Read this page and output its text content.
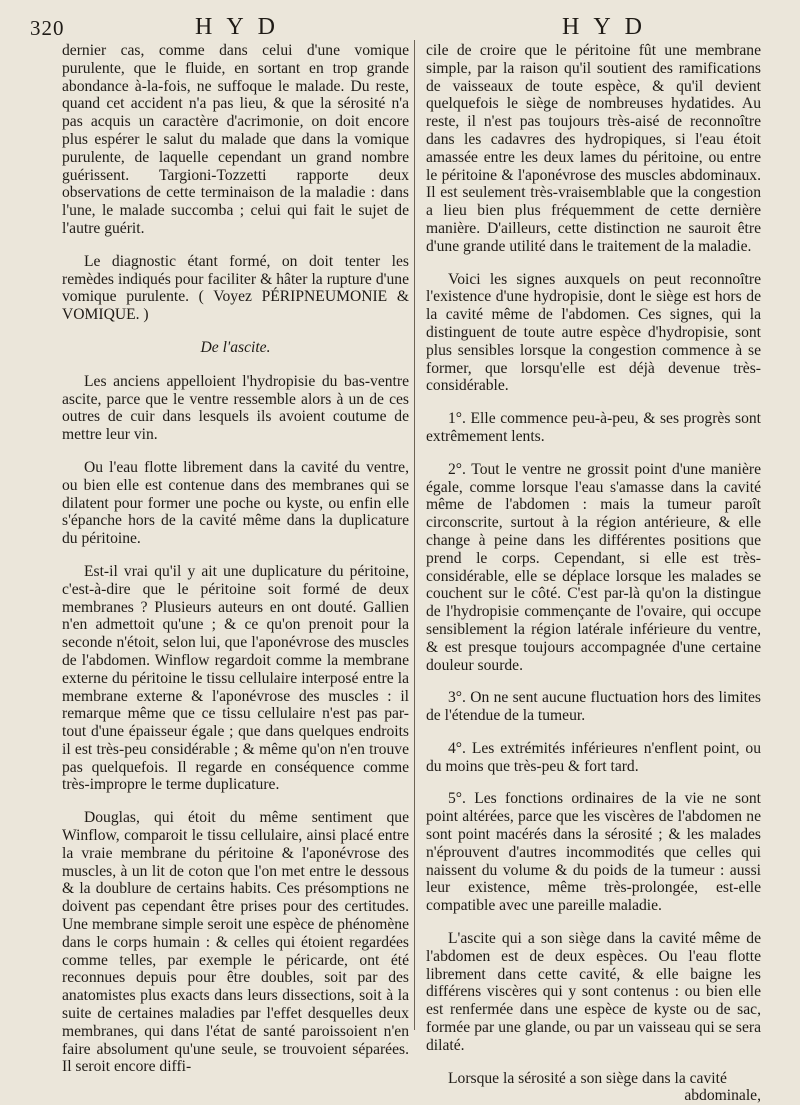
320	HYD	HYD

dernier cas, comme dans celui d'une vomique purulente, que le fluide, en sortant en trop grande abondance à-la-fois, ne suffoque le malade. Du reste, quand cet accident n'a pas lieu, & que la sérosité n'a pas acquis un caractère d'acrimonie, on doit encore plus espérer le salut du malade que dans la vomique purulente, de laquelle cependant un grand nombre guérissent. Targioni-Tozzetti rapporte deux observations de cette terminaison de la maladie : dans l'une, le malade succomba ; celui qui fait le sujet de l'autre guérit.

Le diagnostic étant formé, on doit tenter les remèdes indiqués pour faciliter & hâter la rupture d'une vomique purulente. ( Voyez PÉRIPNEUMONIE & VOMIQUE. )

De l'ascite.

Les anciens appelloient l'hydropisie du bas-ventre ascite, parce que le ventre ressemble alors à un de ces outres de cuir dans lesquels ils avoient coutume de mettre leur vin.

Ou l'eau flotte librement dans la cavité du ventre, ou bien elle est contenue dans des membranes qui se dilatent pour former une poche ou kyste, ou enfin elle s'épanche hors de la cavité même dans la duplicature du péritoine.

Est-il vrai qu'il y ait une duplicature du péritoine, c'est-à-dire que le péritoine soit formé de deux membranes ? Plusieurs auteurs en ont douté. Gallien n'en admettoit qu'une ; & ce qu'on prenoit pour la seconde n'étoit, selon lui, que l'aponévrose des muscles de l'abdomen. Winflow regardoit comme la membrane externe du péritoine le tissu cellulaire interposé entre la membrane externe & l'aponévrose des muscles : il remarque même que ce tissu cellulaire n'est pas par-tout d'une épaisseur égale ; que dans quelques endroits il est très-peu considérable ; & même qu'on n'en trouve pas quelquefois. Il regarde en conséquence comme très-impropre le terme duplicature.

Douglas, qui étoit du même sentiment que Winflow, comparoit le tissu cellulaire, ainsi placé entre la vraie membrane du péritoine & l'aponévrose des muscles, à un lit de coton que l'on met entre le dessous & la doublure de certains habits. Ces présomptions ne doivent pas cependant être prises pour des certitudes. Une membrane simple seroit une espèce de phénomène dans le corps humain : & celles qui étoient regardées comme telles, par exemple le péricarde, ont été reconnues depuis pour être doubles, soit par des anatomistes plus exacts dans leurs dissections, soit à la suite de certaines maladies par l'effet desquelles deux membranes, qui dans l'état de santé paroissoient n'en faire absolument qu'une seule, se trouvoient séparées. Il seroit encore diffi-

cile de croire que le péritoine fût une membrane simple, par la raison qu'il soutient des ramifications de vaisseaux de toute espèce, & qu'il devient quelquefois le siège de nombreuses hydatides. Au reste, il n'est pas toujours très-aisé de reconnoître dans les cadavres des hydropiques, si l'eau étoit amassée entre les deux lames du péritoine, ou entre le péritoine & l'aponévrose des muscles abdominaux. Il est seulement très-vraisemblable que la congestion a lieu bien plus fréquemment de cette dernière manière. D'ailleurs, cette distinction ne sauroit être d'une grande utilité dans le traitement de la maladie.

Voici les signes auxquels on peut reconnoître l'existence d'une hydropisie, dont le siège est hors de la cavité même de l'abdomen. Ces signes, qui la distinguent de toute autre espèce d'hydropisie, sont plus sensibles lorsque la congestion commence à se former, que lorsqu'elle est déjà devenue très-considérable.

1°. Elle commence peu-à-peu, & ses progrès sont extrêmement lents.

2°. Tout le ventre ne grossit point d'une manière égale, comme lorsque l'eau s'amasse dans la cavité même de l'abdomen : mais la tumeur paroît circonscrite, surtout à la région antérieure, & elle change à peine dans les différentes positions que prend le corps. Cependant, si elle est très-considérable, elle se déplace lorsque les malades se couchent sur le côté. C'est par-là qu'on la distingue de l'hydropisie commençante de l'ovaire, qui occupe sensiblement la région latérale inférieure du ventre, & est presque toujours accompagnée d'une certaine douleur sourde.

3°. On ne sent aucune fluctuation hors des limites de l'étendue de la tumeur.

4°. Les extrémités inférieures n'enflent point, ou du moins que très-peu & fort tard.

5°. Les fonctions ordinaires de la vie ne sont point altérées, parce que les viscères de l'abdomen ne sont point macérés dans la sérosité ; & les malades n'éprouvent d'autres incommodités que celles qui naissent du volume & du poids de la tumeur : aussi leur existence, même très-prolongée, est-elle compatible avec une pareille maladie.

L'ascite qui a son siège dans la cavité même de l'abdomen est de deux espèces. Ou l'eau flotte librement dans cette cavité, & elle baigne les différens viscères qui y sont contenus : ou bien elle est renfermée dans une espèce de kyste ou de sac, formée par une glande, ou par un vaisseau qui se sera dilaté.

Lorsque la sérosité a son siège dans la cavité

abdominale,
